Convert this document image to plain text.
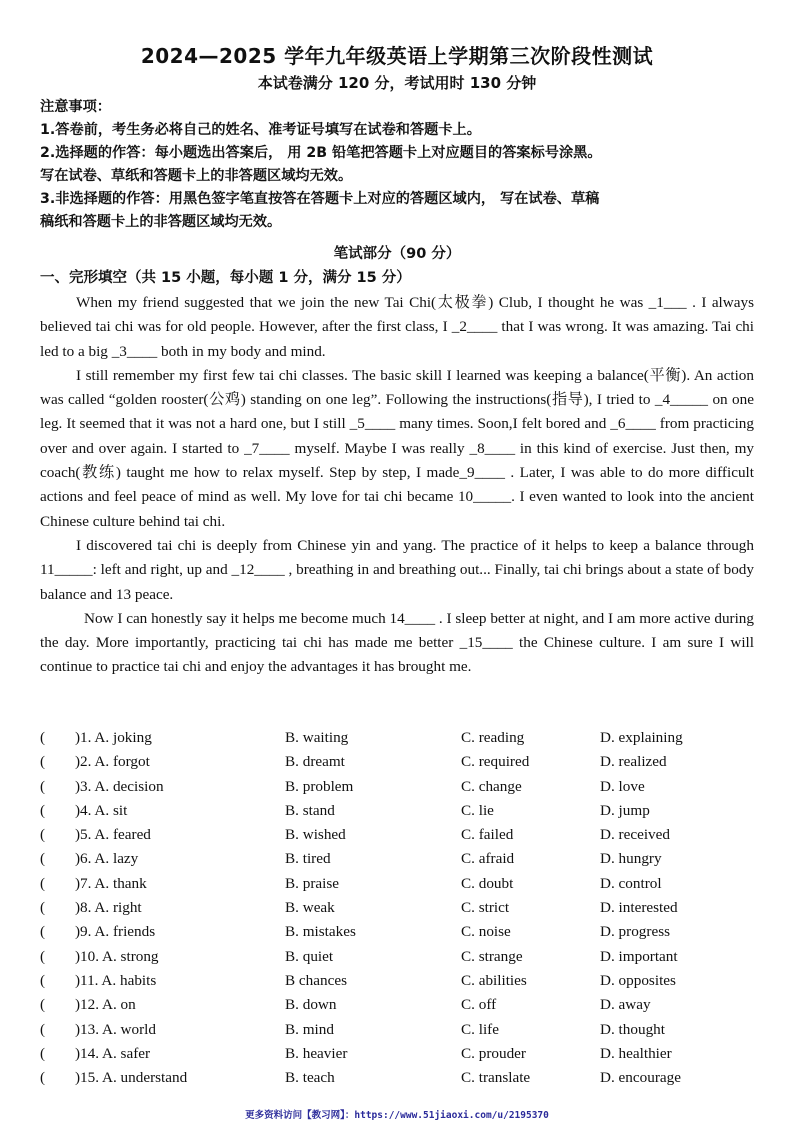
2024—2025 学年九年级英语上学期第三次阶段性测试
本试卷满分 120 分，考试用时 130 分钟
注意事项：
1.答卷前，考生务必将自己的姓名、准考证号填写在试卷和答题卡上。
2.选择题的作答：每小题选出答案后， 用 2B 铅笔把答题卡上对应题目的答案标号涂黑。
写在试卷、草纸和答题卡上的非答题区域均无效。
3.非选择题的作答：用黑色签字笔直按答在答题卡上对应的答题区域内， 写在试卷、草稿
稿纸和答题卡上的非答题区域均无效。
笔试部分（90 分）
一、完形填空（共 15 小题，每小题 1 分，满分 15 分）

When my friend suggested that we join the new Tai Chi(太极拳) Club, I thought he was _1___ . I always believed tai chi was for old people. However, after the first class, I _2____ that I was wrong. It was amazing. Tai chi led to a big _3____ both in my body and mind.

I still remember my first few tai chi classes. The basic skill I learned was keeping a balance(平衡). An action was called “golden rooster(公鸡) standing on one leg”. Following the instructions(指导), I tried to _4_____ on one leg. It seemed that it was not a hard one, but I still _5____ many times. Soon,I felt bored and _6____ from practicing over and over again. I started to _7____ myself. Maybe I was really _8____ in this kind of exercise. Just then, my coach(教练) taught me how to relax myself. Step by step, I made_9____ . Later, I was able to do more difficult actions and feel peace of mind as well. My love for tai chi became 10_____. I even wanted to look into the ancient Chinese culture behind tai chi.

I discovered tai chi is deeply from Chinese yin and yang. The practice of it helps to keep a balance through 11_____: left and right, up and _12____ , breathing in and breathing out... Finally, tai chi brings about a state of body balance and 13 peace.

Now I can honestly say it helps me become much 14____ . I sleep better at night, and I am more active during the day. More importantly, practicing tai chi has made me better _15____ the Chinese culture. I am sure I will continue to practice tai chi and enjoy the advantages it has brought me.

( )1. A. joking	B. waiting	C. reading	D. explaining
( )2. A. forgot	B. dreamt	C. required	D. realized
( )3. A. decision	B. problem	C. change	D. love
( )4. A. sit	B. stand	C. lie	D. jump
( )5. A. feared	B. wished	C. failed	D. received
( )6. A. lazy	B. tired	C. afraid	D. hungry
( )7. A. thank	B. praise	C. doubt	D. control
( )8. A. right	B. weak	C. strict	D. interested
( )9. A. friends	B. mistakes	C. noise	D. progress
( )10. A. strong	B. quiet	C. strange	D. important
( )11. A. habits	B chances	C. abilities	D. opposites
( )12. A. on	B. down	C. off	D. away
( )13. A. world	B. mind	C. life	D. thought
( )14. A. safer	B. heavier	C. prouder	D. healthier
( )15. A. understand	B. teach	C. translate	D. encourage
更多资料访问【教习网】：https://www.51jiaoxi.com/u/2195370
